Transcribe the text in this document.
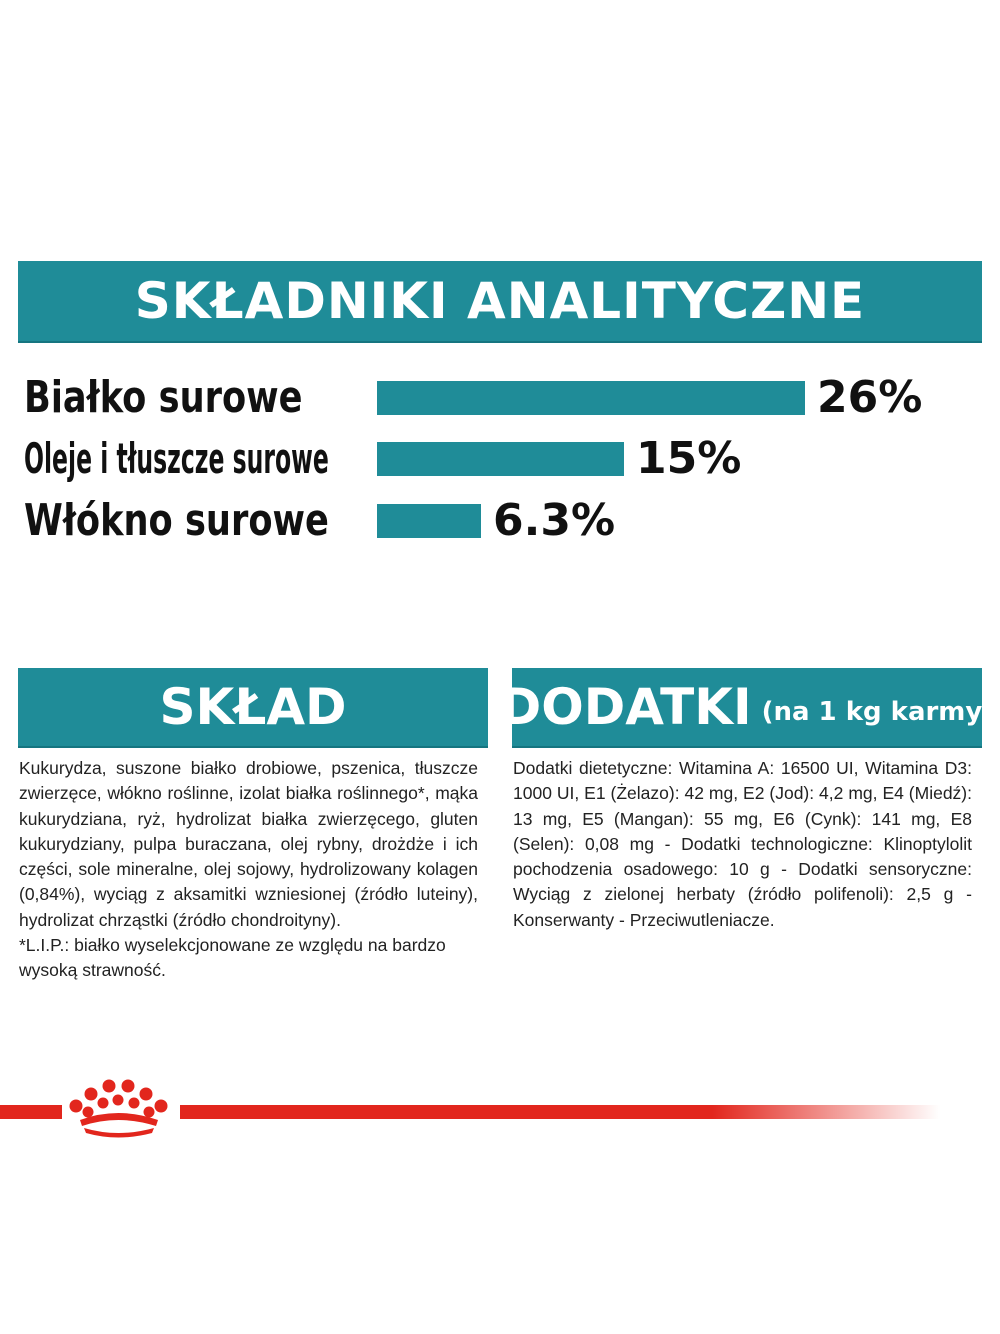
SKŁADNIKI ANALITYCZNE
Białko surowe	26%
Oleje i tłuszcze surowe	15%
Włókno surowe	6.3%
SKŁAD	DODATKI (na 1 kg karmy)
Kukurydza, suszone białko drobiowe, pszenica, tłuszcze zwierzęce, włókno roślinne, izolat białka roślinnego*, mąka kukurydziana, ryż, hydrolizat białka zwierzęcego, gluten kukurydziany, pulpa buraczana, olej rybny, drożdże i ich części, sole mineralne, olej sojowy, hydrolizowany kolagen (0,84%), wyciąg z aksamitki wzniesionej (źródło luteiny), hydrolizat chrząstki (źródło chondroityny).
*L.I.P.: białko wyselekcjonowane ze względu na bardzo wysoką strawność.
Dodatki dietetyczne: Witamina A: 16500 UI, Witamina D3: 1000 UI, E1 (Żelazo): 42 mg, E2 (Jod): 4,2 mg, E4 (Miedź): 13 mg, E5 (Mangan): 55 mg, E6 (Cynk): 141 mg, E8 (Selen): 0,08 mg - Dodatki technologiczne: Klinoptylolit pochodzenia osadowego: 10 g - Dodatki sensoryczne: Wyciąg z zielonej herbaty (źródło polifenoli): 2,5 g - Konserwanty - Przeciwutleniacze.
